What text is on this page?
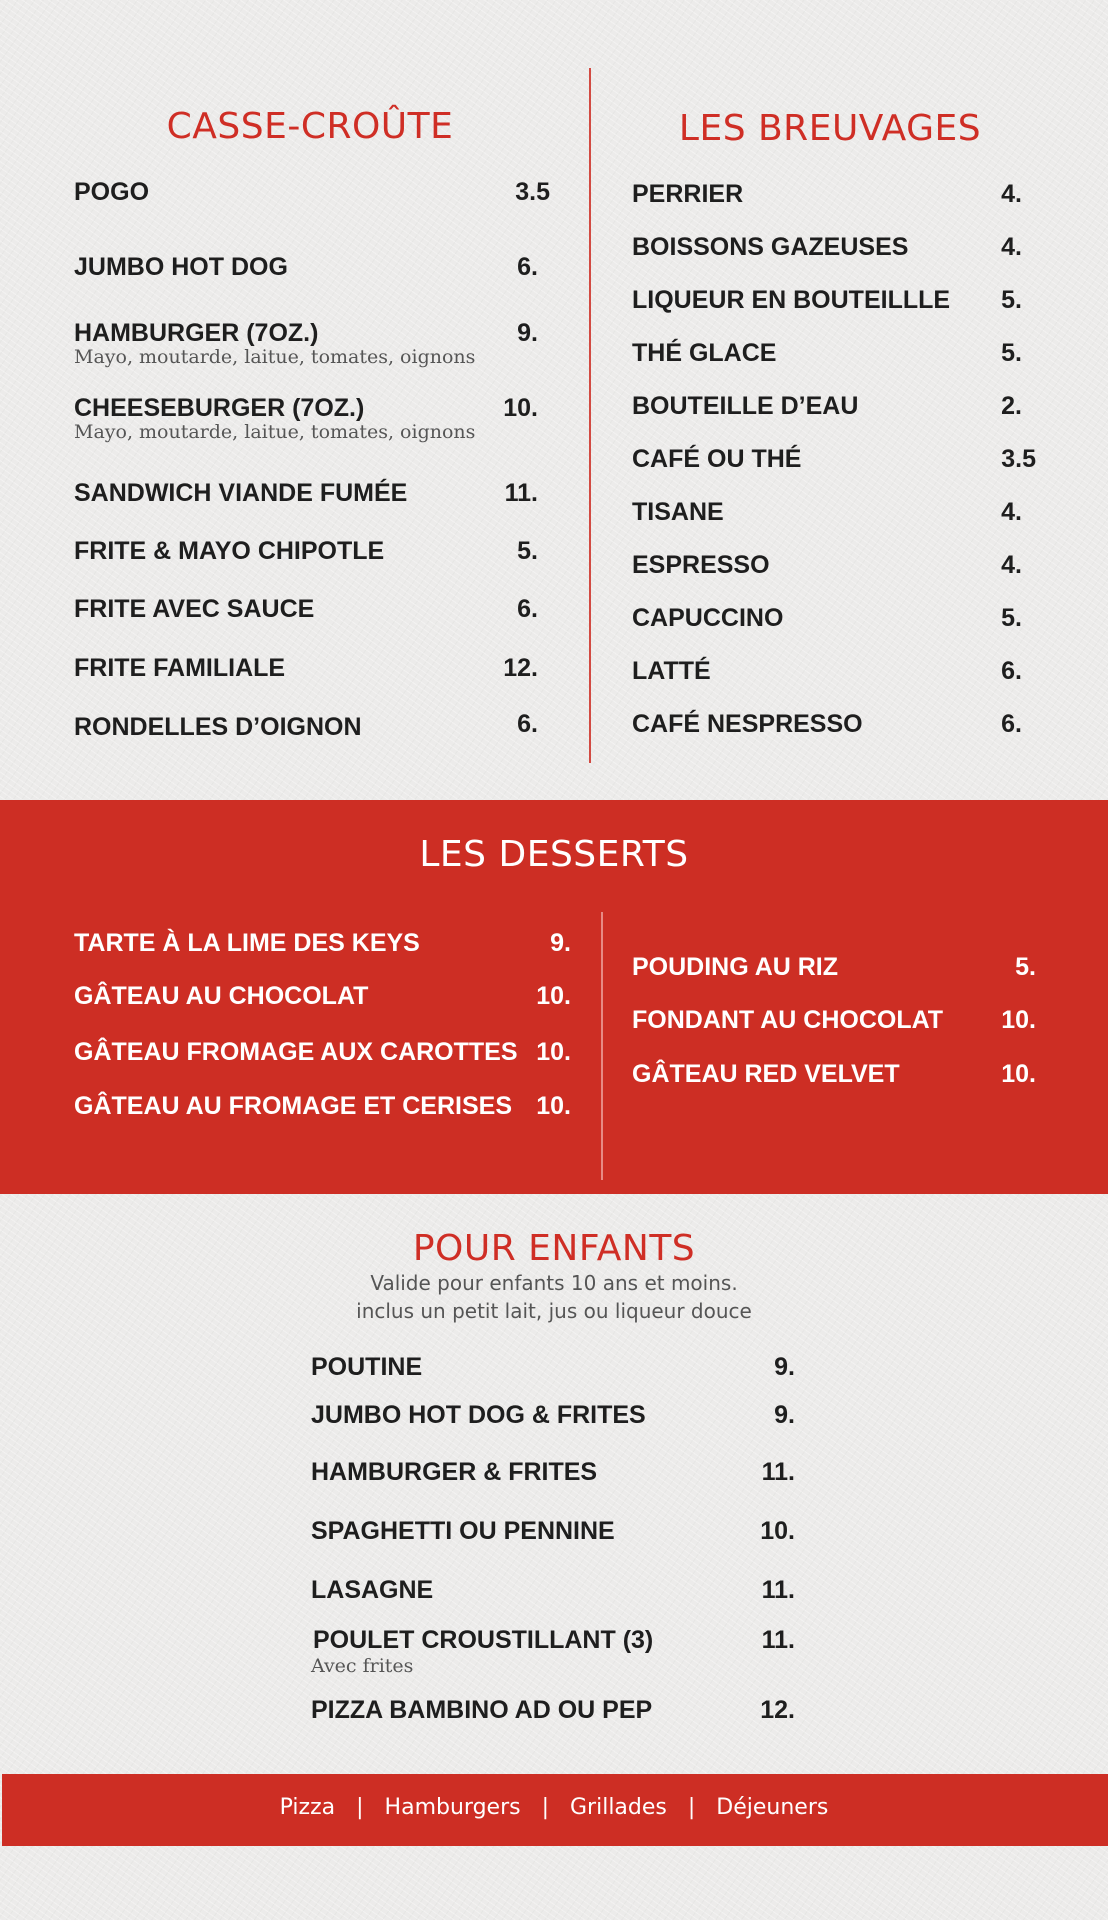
CASSE-CROÛTE
POGO	3.5
JUMBO HOT DOG	6.
HAMBURGER (7OZ.)	9.
Mayo, moutarde, laitue, tomates, oignons
CHEESEBURGER (7OZ.)	10.
Mayo, moutarde, laitue, tomates, oignons
SANDWICH VIANDE FUMÉE	11.
FRITE & MAYO CHIPOTLE	5.
FRITE AVEC SAUCE	6.
FRITE FAMILIALE	12.
RONDELLES D’OIGNON	6.
LES BREUVAGES
PERRIER	4.
BOISSONS GAZEUSES	4.
LIQUEUR EN BOUTEILLLE	5.
THÉ GLACE	5.
BOUTEILLE D’EAU	2.
CAFÉ OU THÉ	3.5
TISANE	4.
ESPRESSO	4.
CAPUCCINO	5.
LATTÉ	6.
CAFÉ NESPRESSO	6.
LES DESSERTS
TARTE À LA LIME DES KEYS	9.
GÂTEAU AU CHOCOLAT	10.
GÂTEAU FROMAGE AUX CAROTTES 10.
GÂTEAU AU FROMAGE ET CERISES 10.
POUDING AU RIZ	5.
FONDANT AU CHOCOLAT	10.
GÂTEAU RED VELVET	10.
POUR ENFANTS
Valide pour enfants 10 ans et moins.
inclus un petit lait, jus ou liqueur douce
POUTINE	9.
JUMBO HOT DOG & FRITES	9.
HAMBURGER & FRITES	11.
SPAGHETTI OU PENNINE	10.
LASAGNE	11.
POULET CROUSTILLANT (3)	11.
Avec frites
PIZZA BAMBINO AD OU PEP	12.
Pizza | Hamburgers | Grillades | Déjeuners
